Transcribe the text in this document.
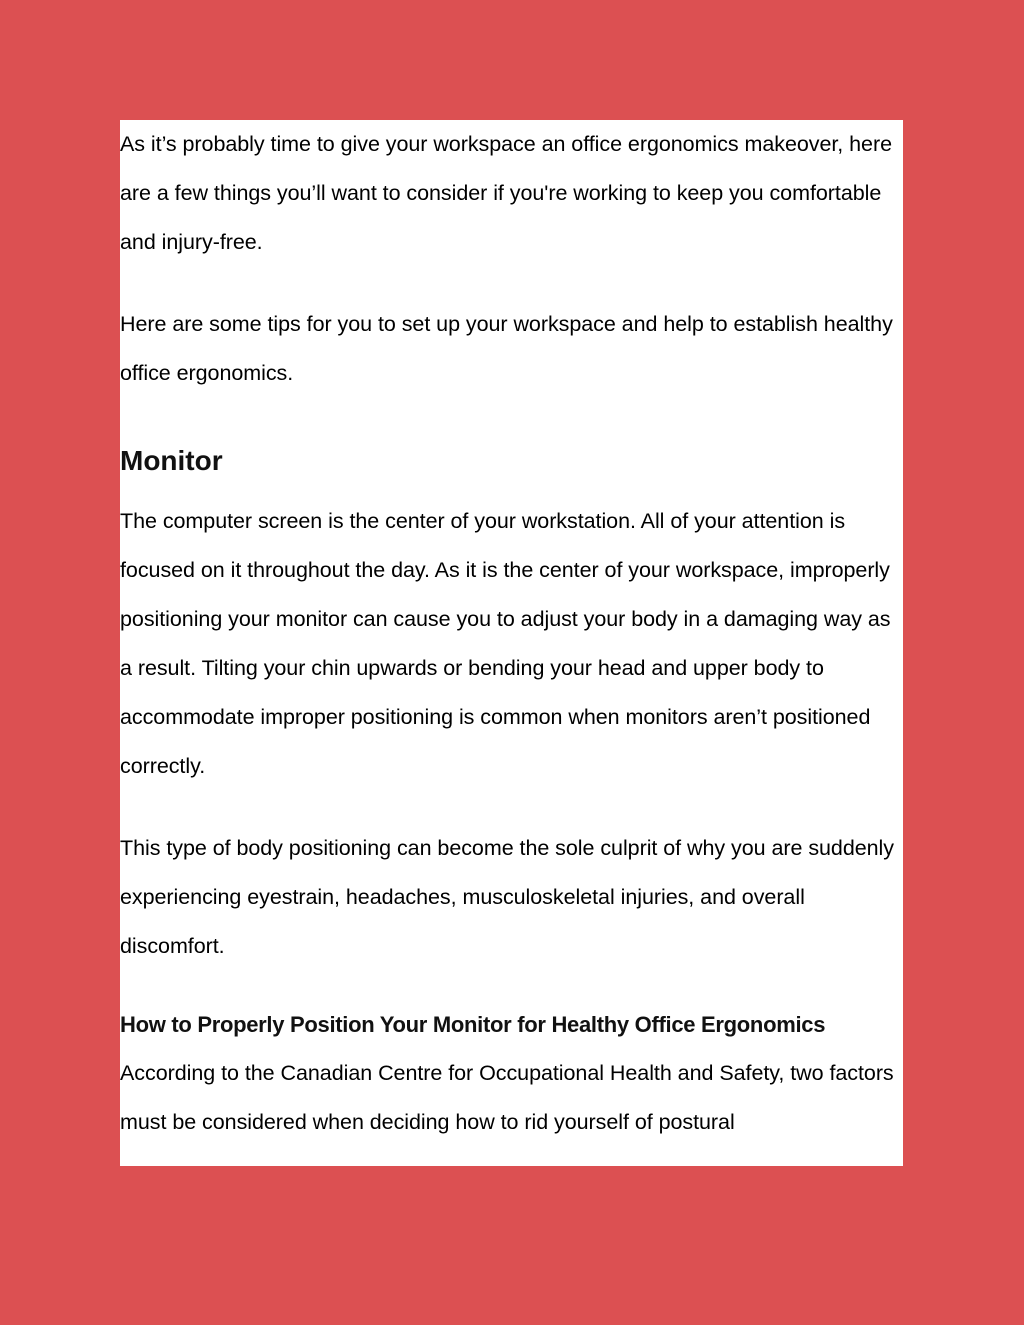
As it’s probably time to give your workspace an office ergonomics makeover, here are a few things you’ll want to consider if you're working to keep you comfortable and injury-free.

Here are some tips for you to set up your workspace and help to establish healthy office ergonomics.

Monitor

The computer screen is the center of your workstation. All of your attention is focused on it throughout the day. As it is the center of your workspace, improperly positioning your monitor can cause you to adjust your body in a damaging way as a result. Tilting your chin upwards or bending your head and upper body to accommodate improper positioning is common when monitors aren’t positioned correctly.

This type of body positioning can become the sole culprit of why you are suddenly experiencing eyestrain, headaches, musculoskeletal injuries, and overall discomfort.

How to Properly Position Your Monitor for Healthy Office Ergonomics

According to the Canadian Centre for Occupational Health and Safety, two factors must be considered when deciding how to rid yourself of postural
